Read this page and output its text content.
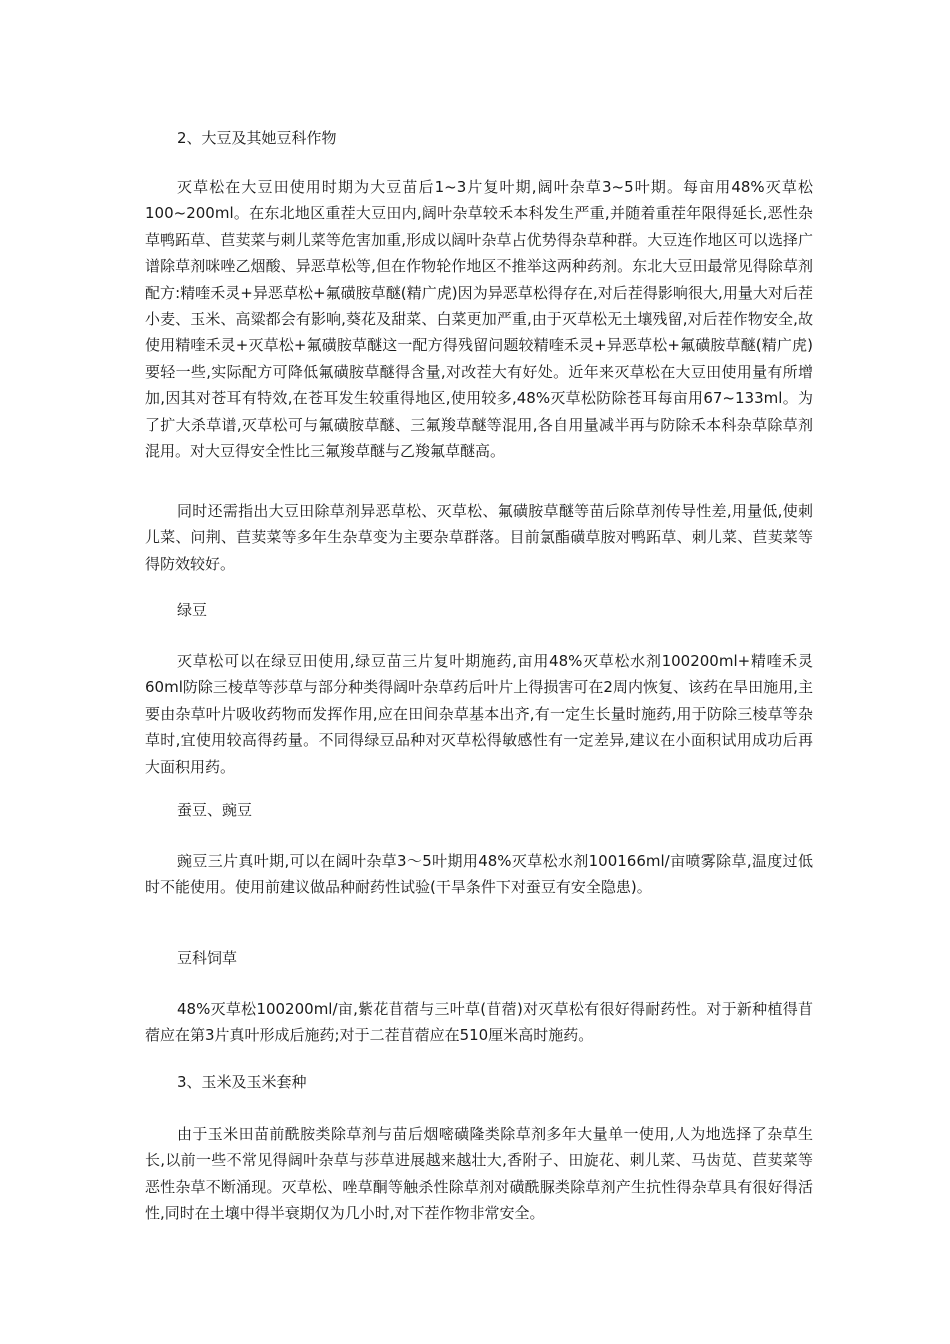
2、大豆及其她豆科作物

灭草松在大豆田使用时期为大豆苗后1~3片复叶期,阔叶杂草3~5叶期。每亩用48%灭草松100~200ml。在东北地区重茬大豆田内,阔叶杂草较禾本科发生严重,并随着重茬年限得延长,恶性杂草鸭跖草、苣荬菜与刺儿菜等危害加重,形成以阔叶杂草占优势得杂草种群。大豆连作地区可以选择广谱除草剂咪唑乙烟酸、异恶草松等,但在作物轮作地区不推举这两种药剂。东北大豆田最常见得除草剂配方:精喹禾灵+异恶草松+氟磺胺草醚(精广虎)因为异恶草松得存在,对后茬得影响很大,用量大对后茬小麦、玉米、高粱都会有影响,葵花及甜菜、白菜更加严重,由于灭草松无土壤残留,对后茬作物安全,故使用精喹禾灵+灭草松+氟磺胺草醚这一配方得残留问题较精喹禾灵+异恶草松+氟磺胺草醚(精广虎)要轻一些,实际配方可降低氟磺胺草醚得含量,对改茬大有好处。近年来灭草松在大豆田使用量有所增加,因其对苍耳有特效,在苍耳发生较重得地区,使用较多,48%灭草松防除苍耳每亩用67~133ml。为了扩大杀草谱,灭草松可与氟磺胺草醚、三氟羧草醚等混用,各自用量减半再与防除禾本科杂草除草剂混用。对大豆得安全性比三氟羧草醚与乙羧氟草醚高。

同时还需指出大豆田除草剂异恶草松、灭草松、氟磺胺草醚等苗后除草剂传导性差,用量低,使刺儿菜、问荆、苣荬菜等多年生杂草变为主要杂草群落。目前氯酯磺草胺对鸭跖草、刺儿菜、苣荬菜等得防效较好。

绿豆

灭草松可以在绿豆田使用,绿豆苗三片复叶期施药,亩用48%灭草松水剂100200ml+精喹禾灵60ml防除三棱草等莎草与部分种类得阔叶杂草药后叶片上得损害可在2周内恢复、该药在旱田施用,主要由杂草叶片吸收药物而发挥作用,应在田间杂草基本出齐,有一定生长量时施药,用于防除三棱草等杂草时,宜使用较高得药量。不同得绿豆品种对灭草松得敏感性有一定差异,建议在小面积试用成功后再大面积用药。

蚕豆、豌豆

豌豆三片真叶期,可以在阔叶杂草3～5叶期用48%灭草松水剂100166ml/亩喷雾除草,温度过低时不能使用。使用前建议做品种耐药性试验(干旱条件下对蚕豆有安全隐患)。

豆科饲草

48%灭草松100200ml/亩,紫花苜蓿与三叶草(苜蓿)对灭草松有很好得耐药性。对于新种植得苜蓿应在第3片真叶形成后施药;对于二茬苜蓿应在510厘米高时施药。

3、玉米及玉米套种

由于玉米田苗前酰胺类除草剂与苗后烟嘧磺隆类除草剂多年大量单一使用,人为地选择了杂草生长,以前一些不常见得阔叶杂草与莎草进展越来越壮大,香附子、田旋花、刺儿菜、马齿苋、苣荬菜等恶性杂草不断涌现。灭草松、唑草酮等触杀性除草剂对磺酰脲类除草剂产生抗性得杂草具有很好得活性,同时在土壤中得半衰期仅为几小时,对下茬作物非常安全。
